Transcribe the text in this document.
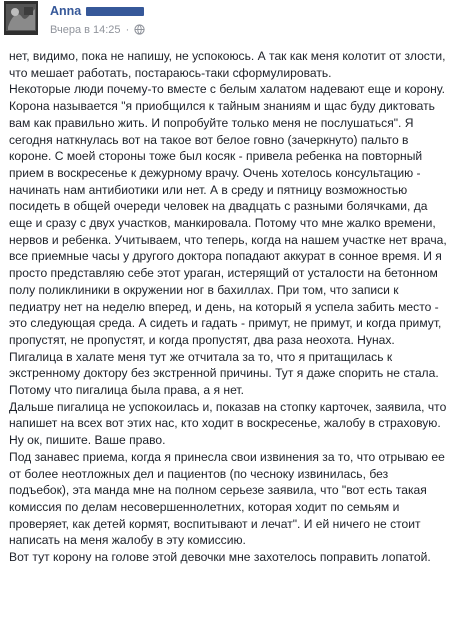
Anna
Вчера в 14:25 ·

нет, видимо, пока не напишу, не успокоюсь. А так как меня колотит от злости, что мешает работать, постараюсь-таки сформулировать.

Некоторые люди почему-то вместе с белым халатом надевают еще и корону. Корона называется "я приобщился к тайным знаниям и щас буду диктовать вам как правильно жить. И попробуйте только меня не послушаться". Я сегодня наткнулась вот на такое вот белое говно (зачеркнуто) пальто в короне. С моей стороны тоже был косяк - привела ребенка на повторный прием в воскресенье к дежурному врачу. Очень хотелось консультацию - начинать нам антибиотики или нет. А в среду и пятницу возможностью посидеть в общей очереди человек на двадцать с разными болячками, да еще и сразу с двух участков, манкировала. Потому что мне жалко времени, нервов и ребенка. Учитываем, что теперь, когда на нашем участке нет врача, все приемные часы у другого доктора попадают аккурат в сонное время. И я просто представляю себе этот ураган, истерящий от усталости на бетонном полу поликлиники в окружении ног в бахиллах. При том, что записи к педиатру нет на неделю вперед, и день, на который я успела забить место - это следующая среда. А сидеть и гадать - примут, не примут, и когда примут, пропустят, не пропустят, и когда пропустят, два раза неохота. Нунах.

Пигалица в халате меня тут же отчитала за то, что я притащилась к экстренному доктору без экстренной причины. Тут я даже спорить не стала. Потому что пигалица была права, а я нет.

Дальше пигалица не успокоилась и, показав на стопку карточек, заявила, что напишет на всех вот этих нас, кто ходит в воскресенье, жалобу в страховую. Ну ок, пишите. Ваше право.

Под занавес приема, когда я принесла свои извинения за то, что отрываю ее от более неотложных дел и пациентов (по чесноку извинилась, без подъебок), эта манда мне на полном серьезе заявила, что "вот есть такая комиссия по делам несовершеннолетних, которая ходит по семьям и проверяет, как детей кормят, воспитывают и лечат". И ей ничего не стоит написать на меня жалобу в эту комиссию.

Вот тут корону на голове этой девочки мне захотелось поправить лопатой.
